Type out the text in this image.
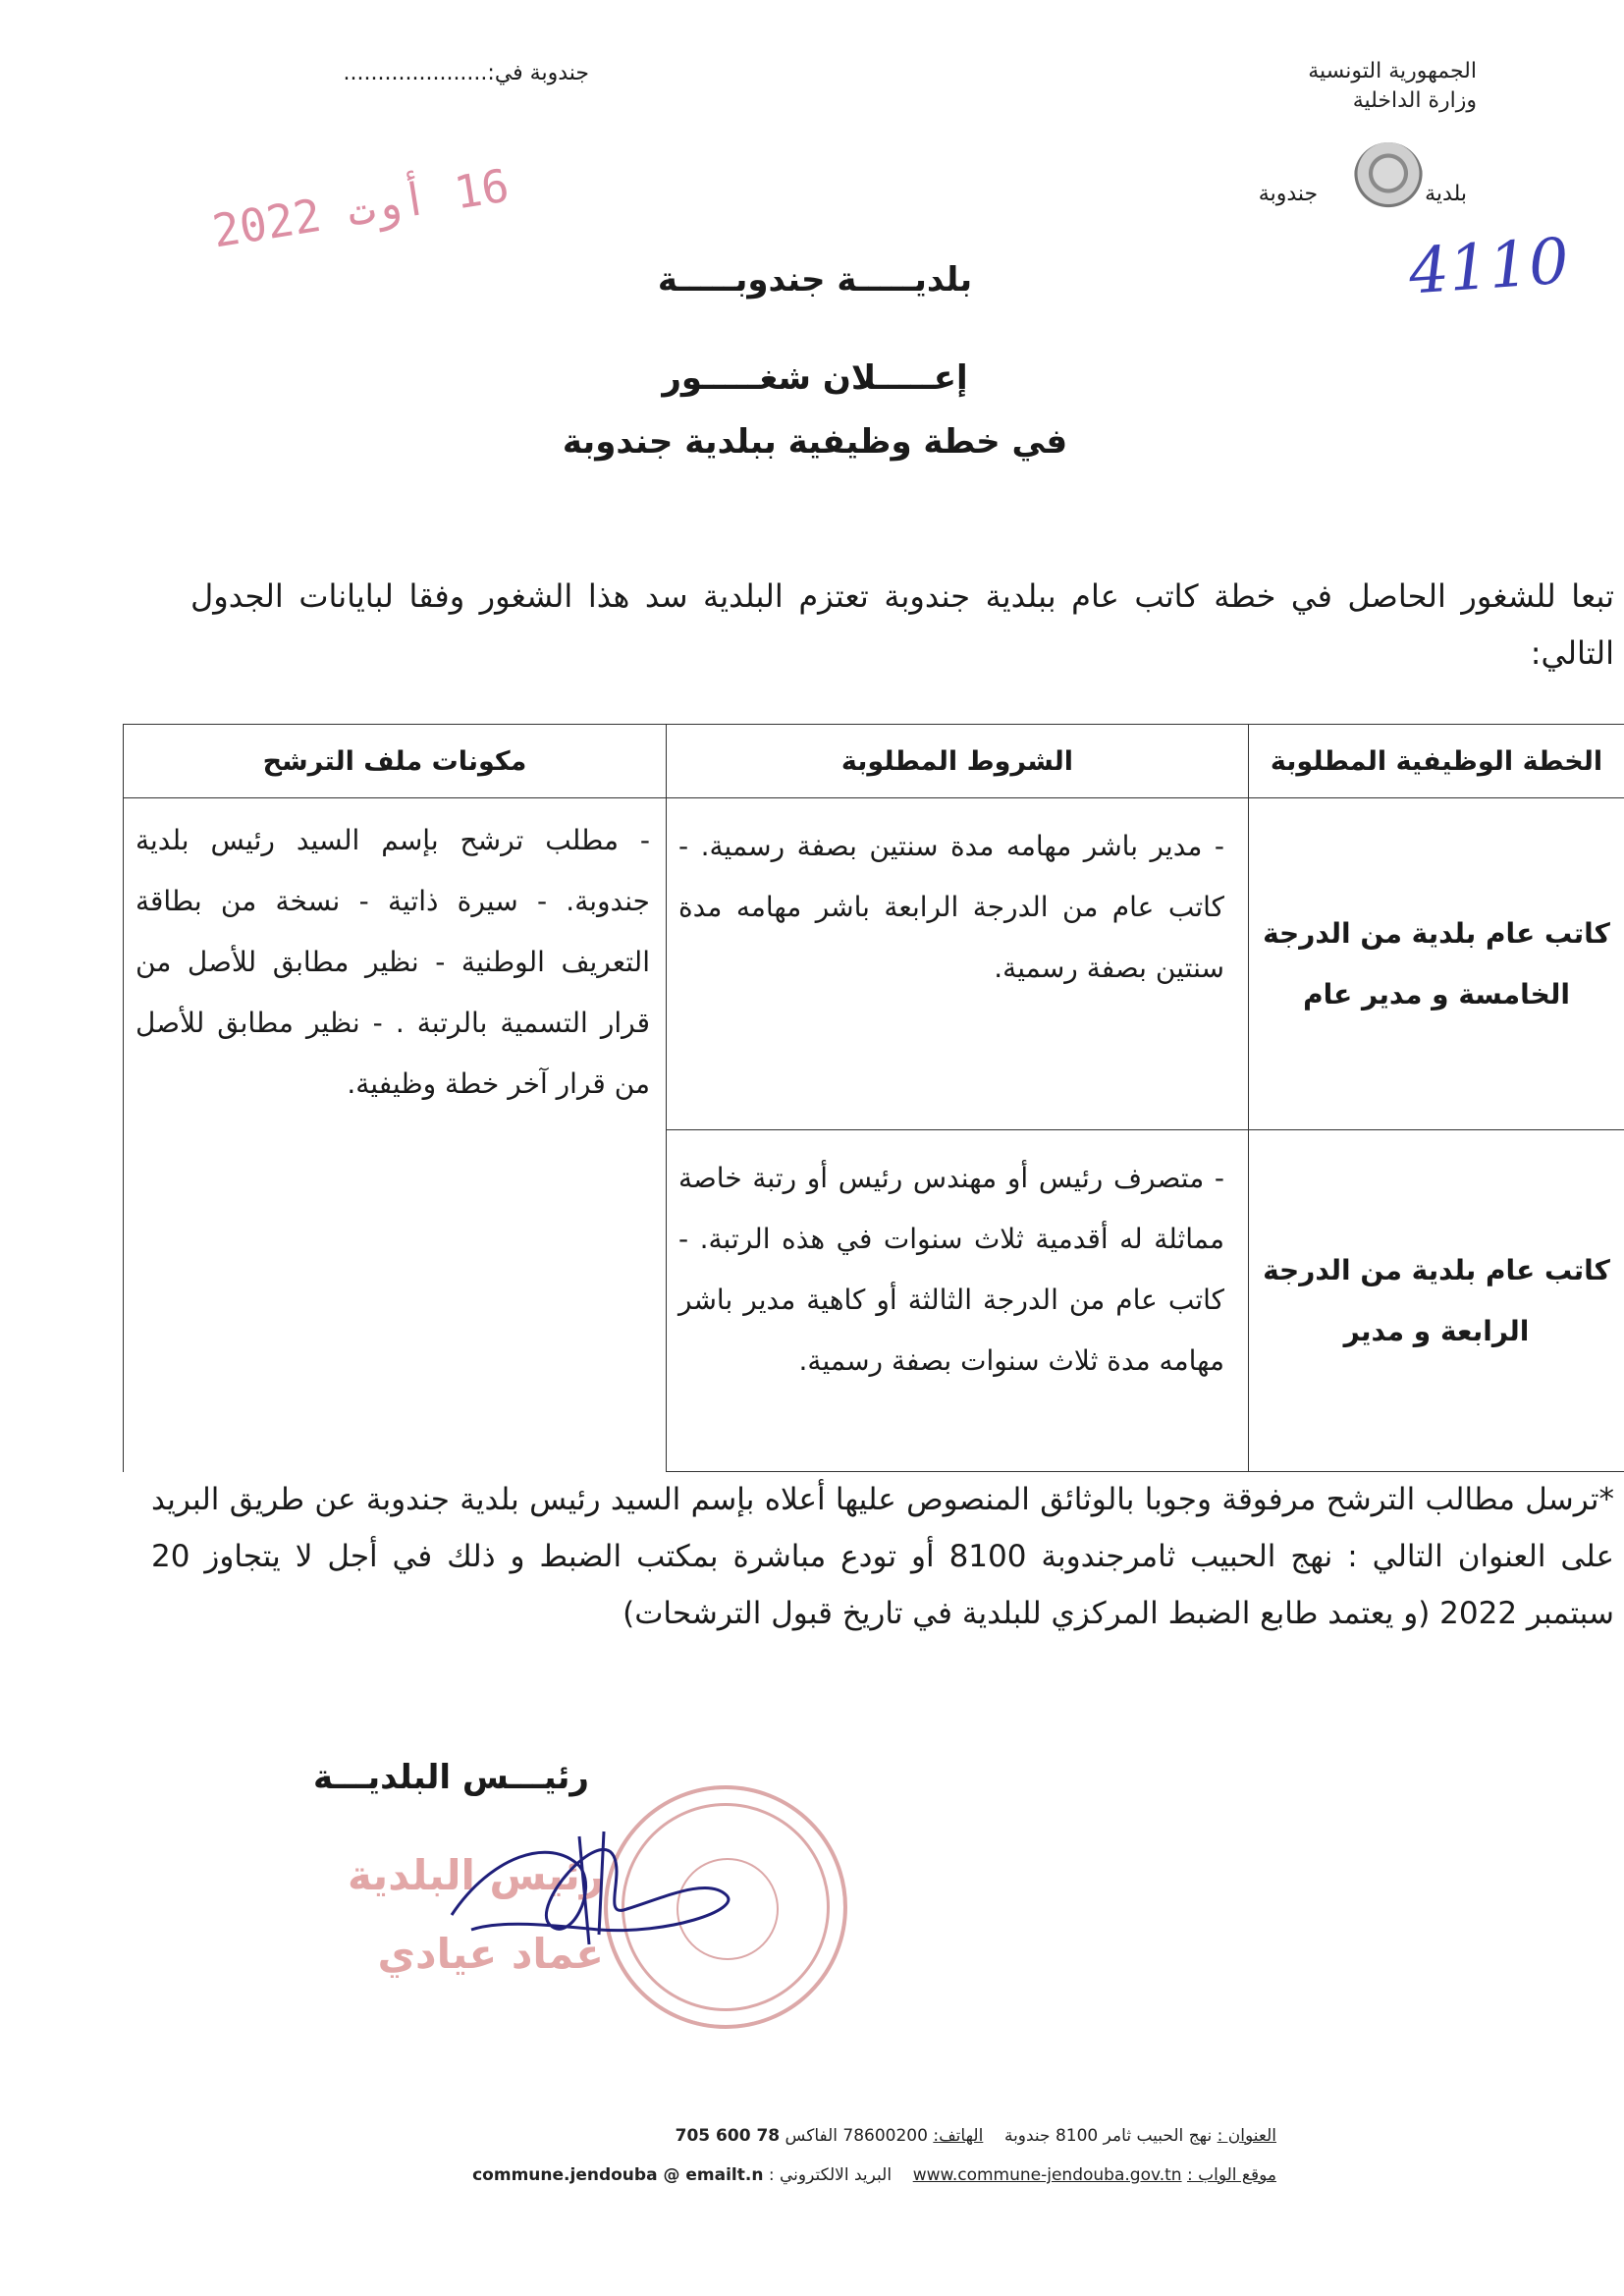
الجمهورية التونسية
وزارة الداخلية
بلدية  جندوبة
جندوبة في:.....................
16 أوت 2022
4110
بلديـــــة جندوبـــــة
إعـــــلان شغـــــور
في خطة وظيفية ببلدية جندوبة
تبعا للشغور الحاصل في خطة كاتب عام ببلدية جندوبة تعتزم البلدية سد هذا الشغور وفقا لبايانات الجدول التالي:
الخطة الوظيفية المطلوبة	الشروط المطلوبة	مكونات ملف الترشح
كاتب عام بلدية من الدرجة الخامسة و مدير عام	- مدير باشر مهامه مدة سنتين بصفة رسمية. - كاتب عام من الدرجة الرابعة باشر مهامه مدة سنتين بصفة رسمية.	- مطلب ترشح بإسم السيد رئيس بلدية جندوبة. - سيرة ذاتية - نسخة من بطاقة التعريف الوطنية - نظير مطابق للأصل من قرار التسمية بالرتبة . - نظير مطابق للأصل من قرار آخر خطة وظيفية.
كاتب عام بلدية من الدرجة الرابعة و مدير	- متصرف رئيس أو مهندس رئيس أو رتبة خاصة مماثلة له أقدمية ثلاث سنوات في هذه الرتبة. - كاتب عام من الدرجة الثالثة أو كاهية مدير باشر مهامه مدة ثلاث سنوات بصفة رسمية.	
*ترسل مطالب الترشح مرفوقة وجوبا بالوثائق المنصوص عليها أعلاه بإسم السيد رئيس بلدية جندوبة عن طريق البريد على العنوان التالي : نهج الحبيب ثامرجندوبة 8100 أو تودع مباشرة بمكتب الضبط و ذلك في أجل لا يتجاوز 20 سبتمبر 2022 (و يعتمد طابع الضبط المركزي للبلدية في تاريخ قبول الترشحات)
رئيـــس البلديـــة
رئيس البلدية
عماد عيادي
العنوان : نهج الحبيب ثامر 8100 جندوبة    الهاتف: 78600200 الفاكس 78 600 705
موقع الواب : www.commune-jendouba.gov.tn    البريد الالكتروني : commune.jendouba @ emailt.n
